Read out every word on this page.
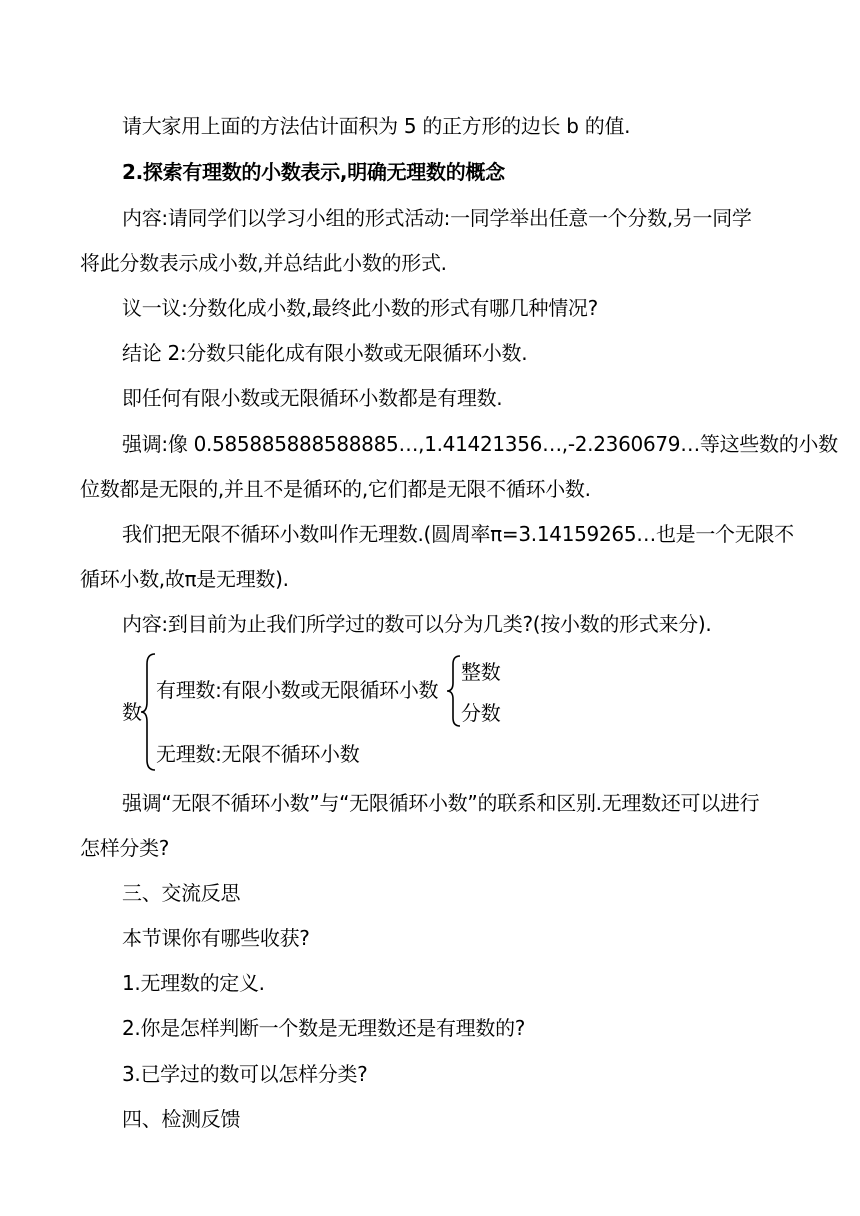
请大家用上面的方法估计面积为 5 的正方形的边长 b 的值.
2.探索有理数的小数表示,明确无理数的概念
内容:请同学们以学习小组的形式活动:一同学举出任意一个分数,另一同学
将此分数表示成小数,并总结此小数的形式.
议一议:分数化成小数,最终此小数的形式有哪几种情况?
结论 2:分数只能化成有限小数或无限循环小数.
即任何有限小数或无限循环小数都是有理数.
强调:像 0.585885888588885…,1.41421356…,-2.2360679…等这些数的小数
位数都是无限的,并且不是循环的,它们都是无限不循环小数.
我们把无限不循环小数叫作无理数.(圆周率π=3.14159265…也是一个无限不
循环小数,故π是无理数).
内容:到目前为止我们所学过的数可以分为几类?(按小数的形式来分).
数
有理数:有限小数或无限循环小数
整数
分数
无理数:无限不循环小数
强调“无限不循环小数”与“无限循环小数”的联系和区别.无理数还可以进行
怎样分类?
三、交流反思
本节课你有哪些收获?
1.无理数的定义.
2.你是怎样判断一个数是无理数还是有理数的?
3.已学过的数可以怎样分类?
四、检测反馈
